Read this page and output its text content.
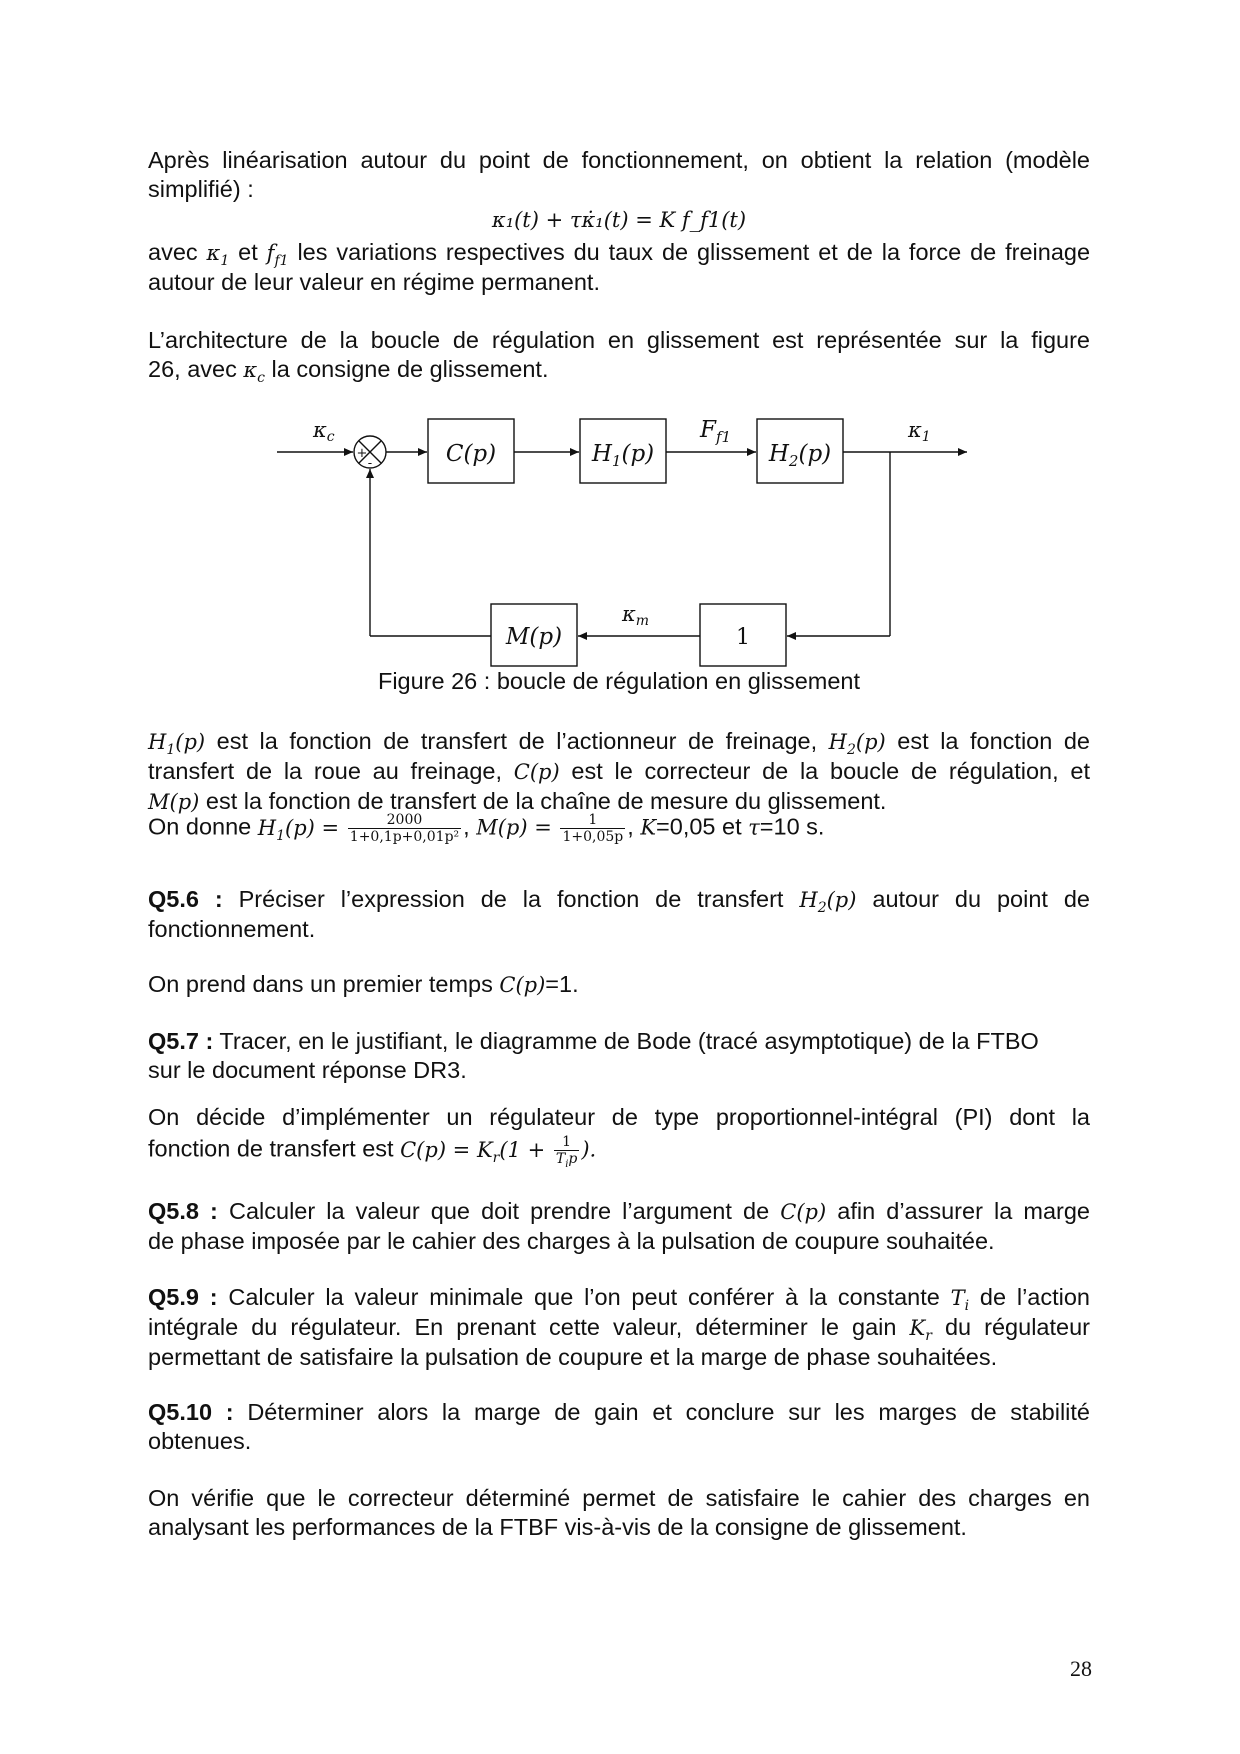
Après linéarisation autour du point de fonctionnement, on obtient la relation (modèle
simplifié) :
κ₁(t) + τκ̇₁(t) = K f_f1(t)
avec $\kappa_1$ et $f_{f1}$ les variations respectives du taux de glissement et de la force de freinage
autour de leur valeur en régime permanent.
L’architecture de la boucle de régulation en glissement est représentée sur la figure
26, avec $\kappa_c$ la consigne de glissement.
κc
C(p)	$H_1(p)$
$F_{f1}$
$H_2(p)$
κ1
M(p)
κm
1
+
-
Figure 26 : boucle de régulation en glissement
$H_1(p)$ est la fonction de transfert de l’actionneur de freinage, $H_2(p)$ est la fonction de
transfert de la roue au freinage, C(p) est le correcteur de la boucle de régulation, et
M(p) est la fonction de transfert de la chaîne de mesure du glissement.
On donne $H_1(p) = \frac{2000}{\text{1+0,1p+0,01p²}}$ , $M(p) = \frac{1}{1+0,05p}$ , K=0,05 et τ=10 s.
Q5.6 : Préciser l’expression de la fonction de transfert $H_2(p)$ autour du point de
fonctionnement.
On prend dans un premier temps C(p)=1.
Q5.7 : Tracer, en le justifiant, le diagramme de Bode (tracé asymptotique) de la FTBO
sur le document réponse DR3.
On décide d’implémenter un régulateur de type proportionnel-intégral (PI) dont la
fonction de transfert est $C(p) = K_r(1 + \frac{1}{T_ip}$ ).
Q5.8 : Calculer la valeur que doit prendre l’argument de C(p) afin d’assurer la marge
de phase imposée par le cahier des charges à la pulsation de coupure souhaitée.
Q5.9 : Calculer la valeur minimale que l’on peut conférer à la constante $T_i$ de l’action
intégrale du régulateur. En prenant cette valeur, déterminer le gain $K_r$ du régulateur
permettant de satisfaire la pulsation de coupure et la marge de phase souhaitées.
Q5.10 : Déterminer alors la marge de gain et conclure sur les marges de stabilité
obtenues.
On vérifie que le correcteur déterminé permet de satisfaire le cahier des charges en
analysant les performances de la FTBF vis-à-vis de la consigne de glissement.
28
